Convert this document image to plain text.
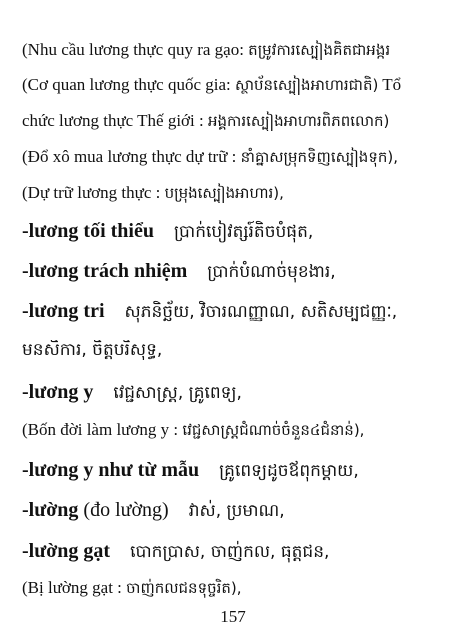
(Nhu cầu lương thực quy ra gạo: តម្រូវការស្បៀងគិតជាអង្ករ
(Cơ quan lương thực quốc gia: ស្ថាប័នស្បៀងអាហារជាតិ) Tổ
chức lương thực Thế giới : អង្គការស្បៀងអាហារពិភពលោក)
(Đổ xô mua lương thực dự trữ : នាំគ្នាសម្រុកទិញស្បៀងទុក),
(Dự trữ lương thực : បម្រុងស្បៀងអាហារ),
-lương tối thiểu ប្រាក់បៀវត្សរ៍តិចបំផុត,
-lương trách nhiệm ប្រាក់បំណាច់មុខងារ,
-lương tri សុភនិច្ឆ័យ, វិចារណញ្ញាណ, សតិសម្បជញ្ញៈ,
មនសិការ, ចិត្តបរិសុទ្ធ,
-lương y វេជ្ជសាស្ត្រ, គ្រូពេទ្យ,
(Bốn đời làm lương y : វេជ្ជសាស្ត្រជំណាច់ចំនួន៤ជំនាន់),
-lương y như từ mẫu គ្រូពេទ្យដូចឪពុកម្តាយ,
-lường (đo lường) វាស់, ប្រមាណ,
-lường gạt បោកប្រាស, ចាញ់កល, ធុត្តជន,
(Bị lường gạt : ចាញ់កលជនទុច្ចរិត),
157
